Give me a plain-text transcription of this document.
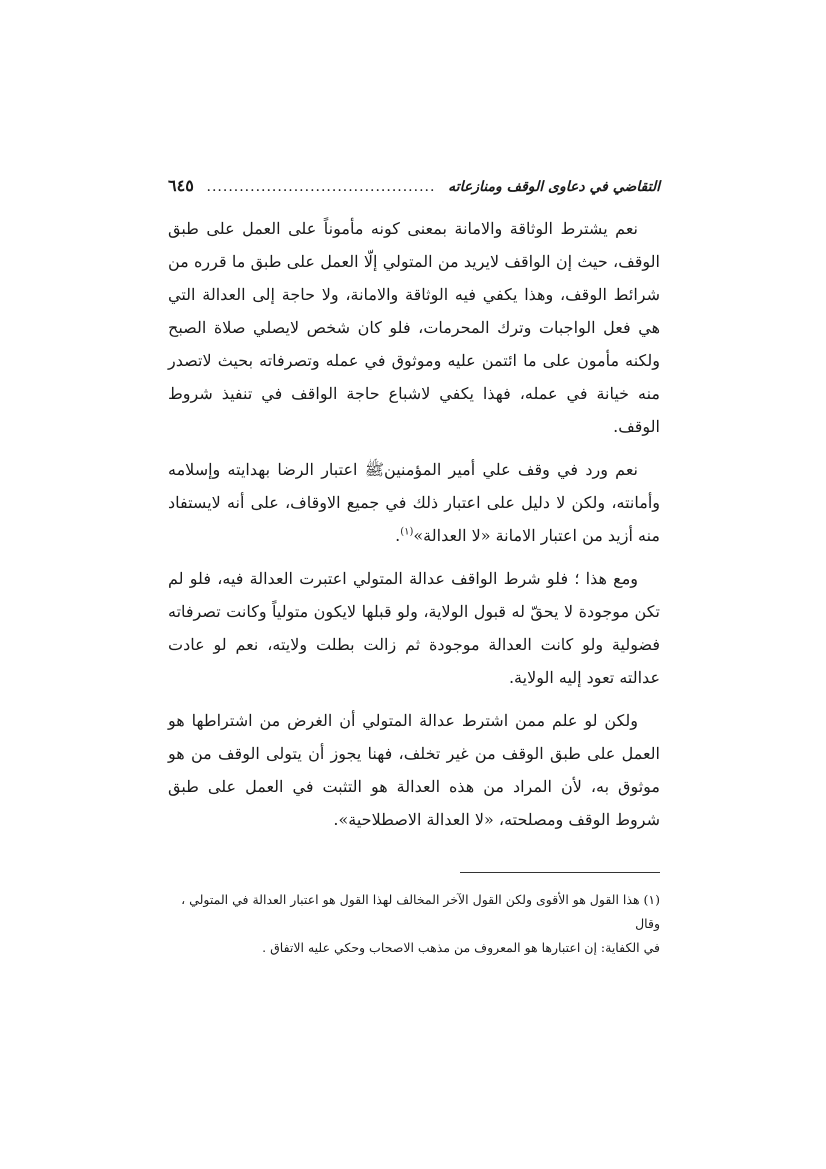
التقاضي في دعاوى الوقف ومنازعاته
..........................................
٦٤٥

نعم يشترط الوثاقة والامانة بمعنى كونه مأموناً على العمل على طبق الوقف، حيث إن الواقف لايريد من المتولي إلّا العمل على طبق ما قرره من شرائط الوقف، وهذا يكفي فيه الوثاقة والامانة، ولا حاجة إلى العدالة التي هي فعل الواجبات وترك المحرمات، فلو كان شخص لايصلي صلاة الصبح ولكنه مأمون على ما ائتمن عليه وموثوق في عمله وتصرفاته بحيث لاتصدر منه خيانة في عمله، فهذا يكفي لاشباع حاجة الواقف في تنفيذ شروط الوقف.

نعم ورد في وقف علي أمير المؤمنينﷺ اعتبار الرضا بهدايته وإسلامه وأمانته، ولكن لا دليل على اعتبار ذلك في جميع الاوقاف، على أنه لايستفاد منه أزيد من اعتبار الامانة «لا العدالة»$^{(١)}$.

ومع هذا ؛ فلو شرط الواقف عدالة المتولي اعتبرت العدالة فيه، فلو لم تكن موجودة لا يحقّ له قبول الولاية، ولو قبلها لايكون متولياً وكانت تصرفاته فضولية ولو كانت العدالة موجودة ثم زالت بطلت ولايته، نعم لو عادت عدالته تعود إليه الولاية.

ولكن لو علم ممن اشترط عدالة المتولي أن الغرض من اشتراطها هو العمل على طبق الوقف من غير تخلف، فهنا يجوز أن يتولى الوقف من هو موثوق به، لأن المراد من هذه العدالة هو التثبت في العمل على طبق شروط الوقف ومصلحته، «لا العدالة الاصطلاحية».

(١) هذا القول هو الأقوى ولكن القول الآخر المخالف لهذا القول هو اعتبار العدالة في المتولي ، وقال

في الكفاية: إن اعتبارها هو المعروف من مذهب الاصحاب وحكي عليه الاتفاق .
